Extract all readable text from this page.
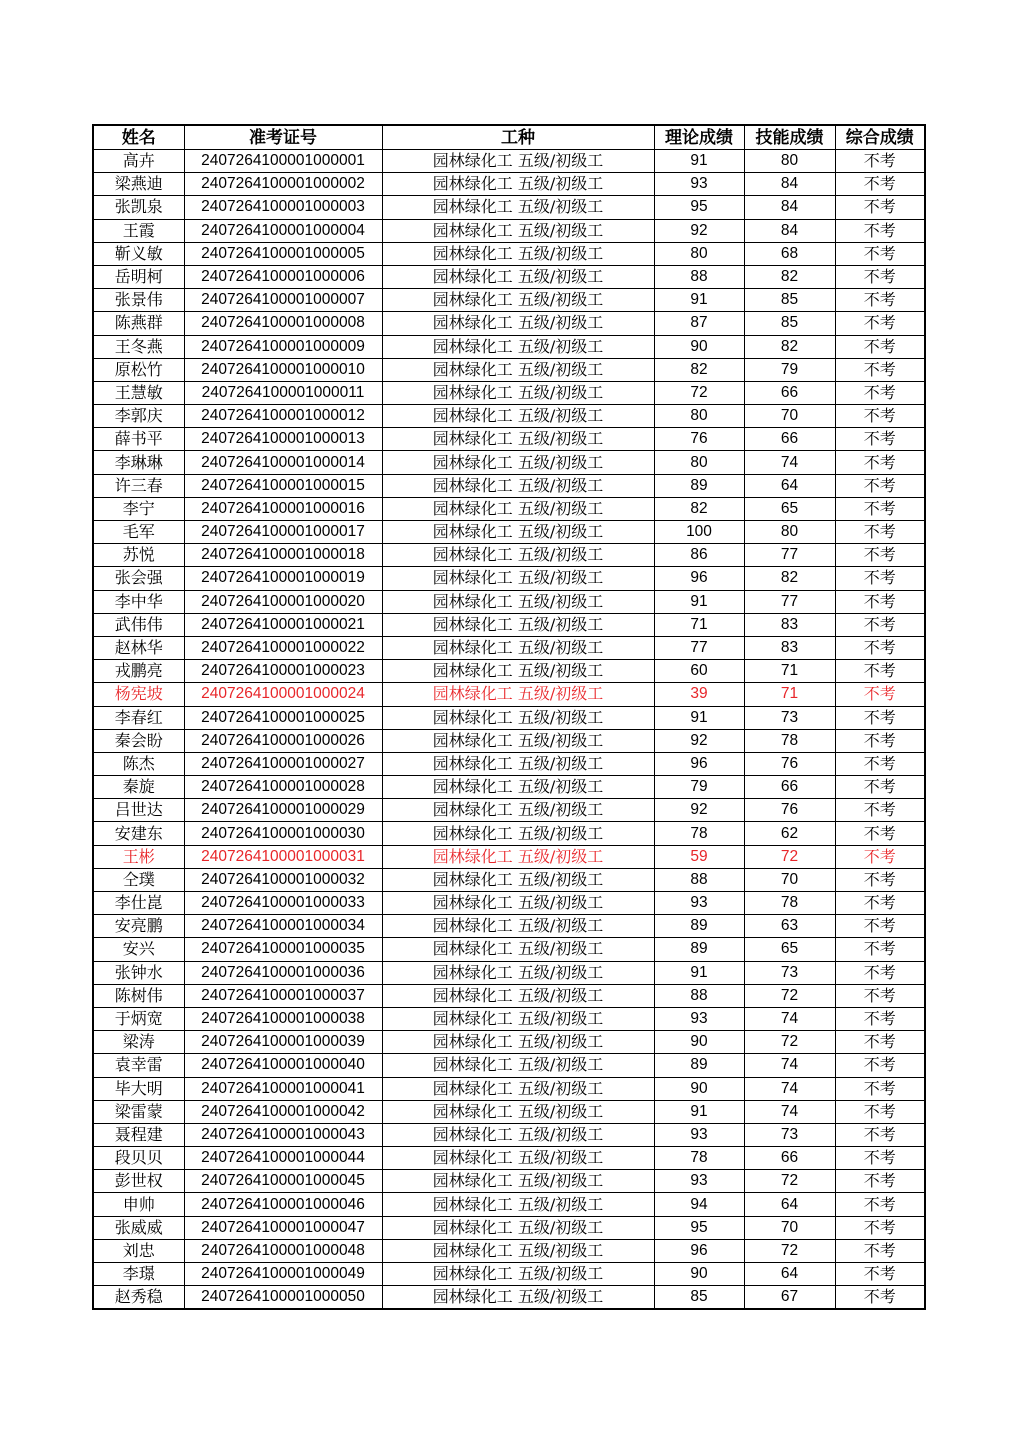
姓名	准考证号	工种	理论成绩	技能成绩	综合成绩
高卉	2407264100001000001	园林绿化工 五级/初级工	91	80	不考
梁燕迪	2407264100001000002	园林绿化工 五级/初级工	93	84	不考
张凯泉	2407264100001000003	园林绿化工 五级/初级工	95	84	不考
王霞	2407264100001000004	园林绿化工 五级/初级工	92	84	不考
靳义敏	2407264100001000005	园林绿化工 五级/初级工	80	68	不考
岳明柯	2407264100001000006	园林绿化工 五级/初级工	88	82	不考
张景伟	2407264100001000007	园林绿化工 五级/初级工	91	85	不考
陈燕群	2407264100001000008	园林绿化工 五级/初级工	87	85	不考
王冬燕	2407264100001000009	园林绿化工 五级/初级工	90	82	不考
原松竹	2407264100001000010	园林绿化工 五级/初级工	82	79	不考
王慧敏	2407264100001000011	园林绿化工 五级/初级工	72	66	不考
李郭庆	2407264100001000012	园林绿化工 五级/初级工	80	70	不考
薛书平	2407264100001000013	园林绿化工 五级/初级工	76	66	不考
李琳琳	2407264100001000014	园林绿化工 五级/初级工	80	74	不考
许三春	2407264100001000015	园林绿化工 五级/初级工	89	64	不考
李宁	2407264100001000016	园林绿化工 五级/初级工	82	65	不考
毛军	2407264100001000017	园林绿化工 五级/初级工	100	80	不考
苏悦	2407264100001000018	园林绿化工 五级/初级工	86	77	不考
张会强	2407264100001000019	园林绿化工 五级/初级工	96	82	不考
李中华	2407264100001000020	园林绿化工 五级/初级工	91	77	不考
武伟伟	2407264100001000021	园林绿化工 五级/初级工	71	83	不考
赵林华	2407264100001000022	园林绿化工 五级/初级工	77	83	不考
戎鹏亮	2407264100001000023	园林绿化工 五级/初级工	60	71	不考
杨宪坡	2407264100001000024	园林绿化工 五级/初级工	39	71	不考
李春红	2407264100001000025	园林绿化工 五级/初级工	91	73	不考
秦会盼	2407264100001000026	园林绿化工 五级/初级工	92	78	不考
陈杰	2407264100001000027	园林绿化工 五级/初级工	96	76	不考
秦旋	2407264100001000028	园林绿化工 五级/初级工	79	66	不考
吕世达	2407264100001000029	园林绿化工 五级/初级工	92	76	不考
安建东	2407264100001000030	园林绿化工 五级/初级工	78	62	不考
王彬	2407264100001000031	园林绿化工 五级/初级工	59	72	不考
仝璞	2407264100001000032	园林绿化工 五级/初级工	88	70	不考
李仕崑	2407264100001000033	园林绿化工 五级/初级工	93	78	不考
安亮鹏	2407264100001000034	园林绿化工 五级/初级工	89	63	不考
安兴	2407264100001000035	园林绿化工 五级/初级工	89	65	不考
张钟水	2407264100001000036	园林绿化工 五级/初级工	91	73	不考
陈树伟	2407264100001000037	园林绿化工 五级/初级工	88	72	不考
于炳宽	2407264100001000038	园林绿化工 五级/初级工	93	74	不考
梁涛	2407264100001000039	园林绿化工 五级/初级工	90	72	不考
袁幸雷	2407264100001000040	园林绿化工 五级/初级工	89	74	不考
毕大明	2407264100001000041	园林绿化工 五级/初级工	90	74	不考
梁雷蒙	2407264100001000042	园林绿化工 五级/初级工	91	74	不考
聂程建	2407264100001000043	园林绿化工 五级/初级工	93	73	不考
段贝贝	2407264100001000044	园林绿化工 五级/初级工	78	66	不考
彭世权	2407264100001000045	园林绿化工 五级/初级工	93	72	不考
申帅	2407264100001000046	园林绿化工 五级/初级工	94	64	不考
张威威	2407264100001000047	园林绿化工 五级/初级工	95	70	不考
刘忠	2407264100001000048	园林绿化工 五级/初级工	96	72	不考
李璟	2407264100001000049	园林绿化工 五级/初级工	90	64	不考
赵秀稳	2407264100001000050	园林绿化工 五级/初级工	85	67	不考
